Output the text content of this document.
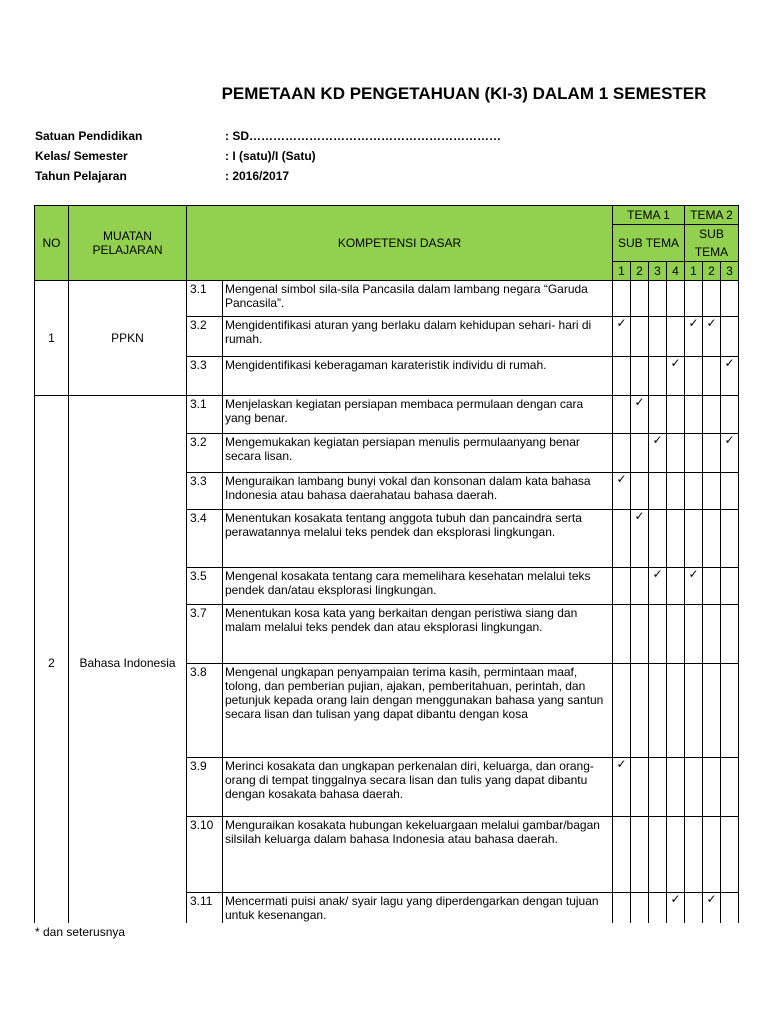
PEMETAAN KD PENGETAHUAN (KI-3) DALAM 1 SEMESTER
Satuan Pendidikan	: SD………………………………………………………
Kelas/ Semester	: I (satu)/I (Satu)
Tahun Pelajaran	: 2016/2017
NO	MUATAN PELAJARAN	KOMPETENSI DASAR		TEMA 1				TEMA 2		
				SUB TEMA				SUB TEMA		
				1	2	3	4	1	2	3
1	PPKN	3.1	Mengenal simbol sila-sila Pancasila dalam lambang negara “Garuda Pancasila”.							
		3.2	Mengidentifikasi aturan yang berlaku dalam kehidupan sehari- hari di rumah.	✓				✓	✓	
		3.3	Mengidentifikasi keberagaman karateristik individu di rumah.				✓			✓
2	Bahasa Indonesia	3.1	Menjelaskan kegiatan persiapan membaca permulaan dengan cara yang benar.		✓					
		3.2	Mengemukakan kegiatan persiapan menulis permulaanyang benar secara lisan.			✓				✓
		3.3	Menguraikan lambang bunyi vokal dan konsonan dalam kata bahasa Indonesia atau bahasa daerahatau bahasa daerah.	✓						
		3.4	Menentukan kosakata tentang anggota tubuh dan pancaindra serta perawatannya melalui teks pendek dan eksplorasi lingkungan.		✓					
		3.5	Mengenal kosakata tentang cara memelihara kesehatan melalui teks pendek dan/atau eksplorasi lingkungan.			✓		✓		
		3.7	Menentukan kosa kata yang berkaitan dengan peristiwa siang dan malam melalui teks pendek dan atau eksplorasi lingkungan.							
		3.8	Mengenal ungkapan penyampaian terima kasih, permintaan maaf, tolong, dan pemberian pujian, ajakan, pemberitahuan, perintah, dan petunjuk kepada orang lain dengan menggunakan bahasa yang santun secara lisan dan tulisan yang dapat dibantu dengan kosa							
		3.9	Merinci kosakata dan ungkapan perkenalan diri, keluarga, dan orang-orang di tempat tinggalnya secara lisan dan tulis yang dapat dibantu dengan kosakata bahasa daerah.	✓						
		3.10	Menguraikan kosakata hubungan kekeluargaan melalui gambar/bagan silsilah keluarga dalam bahasa Indonesia atau bahasa daerah.							
		3.11	Mencermati puisi anak/ syair lagu yang diperdengarkan dengan tujuan untuk kesenangan.				✓		✓	
* dan seterusnya
